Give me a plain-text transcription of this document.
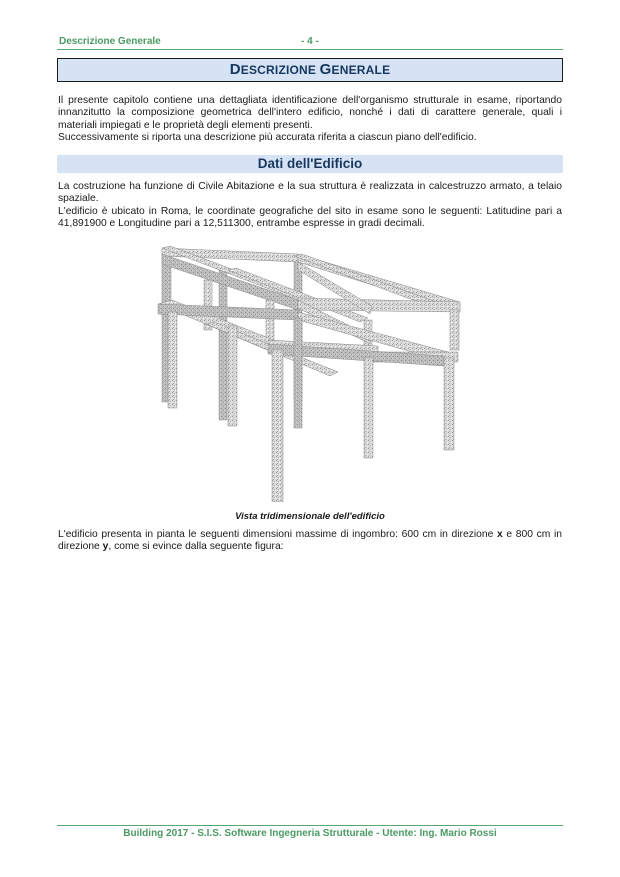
Descrizione Generale	- 4 -
DESCRIZIONE GENERALE

Il presente capitolo contiene una dettagliata identificazione dell'organismo strutturale in esame, riportando
innanzitutto la composizione geometrica dell'intero edificio, nonché i dati di carattere generale, quali i
materiali impiegati e le proprietà degli elementi presenti.
Successivamente si riporta una descrizione più accurata riferita a ciascun piano dell'edificio.

Dati dell'Edificio

La costruzione ha funzione di Civile Abitazione e la sua struttura è realizzata in calcestruzzo armato, a telaio
spaziale.
L'edificio è ubicato in Roma, le coordinate geografiche del sito in esame sono le seguenti: Latitudine pari a
41,891900 e Longitudine pari a 12,511300, entrambe espresse in gradi decimali.

Vista tridimensionale dell'edificio

L'edificio presenta in pianta le seguenti dimensioni massime di ingombro: 600 cm in direzione x e 800 cm in
direzione y, come si evince dalla seguente figura:

Building 2017 - S.I.S. Software Ingegneria Strutturale - Utente: Ing. Mario Rossi
